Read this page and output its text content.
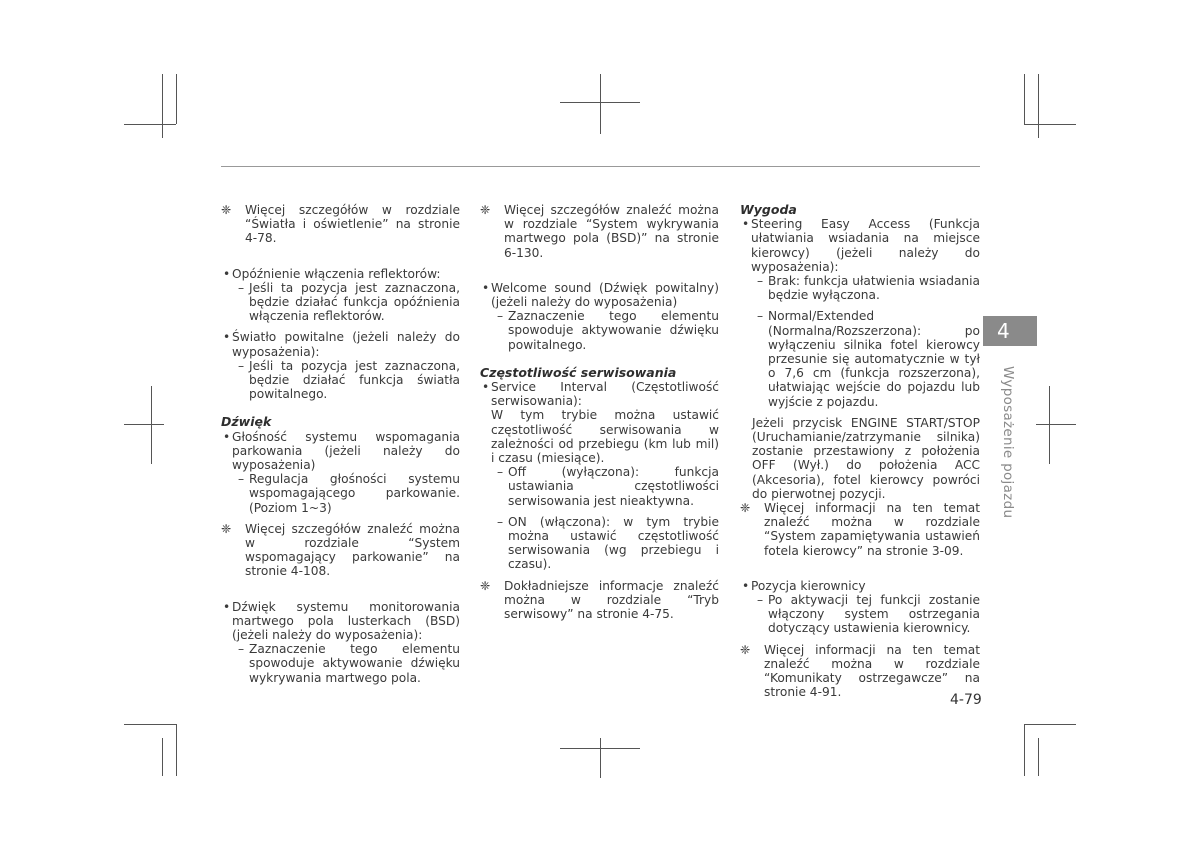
❈ Więcej szczegółów w rozdziale “Światła i oświetlenie” na stronie 4-78.

• Opóźnienie włączenia reflektorów:

– Jeśli ta pozycja jest zaznaczona, będzie działać funkcja opóźnienia włączenia reflektorów.

• Światło powitalne (jeżeli należy do wyposażenia):

– Jeśli ta pozycja jest zaznaczona, będzie działać funkcja światła powitalnego.

Dźwięk

• Głośność systemu wspomagania parkowania (jeżeli należy do wyposażenia)

– Regulacja głośności systemu wspomagającego parkowanie. (Poziom 1~3)

❈ Więcej szczegółów znaleźć można w rozdziale “System wspomagający parkowanie” na stronie 4-108.

• Dźwięk systemu monitorowania martwego pola lusterkach (BSD) (jeżeli należy do wyposażenia):

– Zaznaczenie tego elementu spowoduje aktywowanie dźwięku wykrywania martwego pola.

❈ Więcej szczegółów znaleźć można w rozdziale “System wykrywania martwego pola (BSD)” na stronie 6-130.

• Welcome sound (Dźwięk powitalny) (jeżeli należy do wyposażenia)

– Zaznaczenie tego elementu spowoduje aktywowanie dźwięku powitalnego.

Częstotliwość serwisowania

• Service Interval (Częstotliwość serwisowania):

W tym trybie można ustawić częstotliwość serwisowania w zależności od przebiegu (km lub mil) i czasu (miesiące).

– Off (wyłączona): funkcja ustawiania częstotliwości serwisowania jest nieaktywna.

– ON (włączona): w tym trybie można ustawić częstotliwość serwisowania (wg przebiegu i czasu).

❈ Dokładniejsze informacje znaleźć można w rozdziale “Tryb serwisowy” na stronie 4-75.

Wygoda

• Steering Easy Access (Funkcja ułatwiania wsiadania na miejsce kierowcy) (jeżeli należy do wyposażenia):

– Brak: funkcja ułatwienia wsiadania będzie wyłączona.

– Normal/Extended (Normalna/Rozszerzona): po wyłączeniu silnika fotel kierowcy przesunie się automatycznie w tył o 7,6 cm (funkcja rozszerzona), ułatwiając wejście do pojazdu lub wyjście z pojazdu.

Jeżeli przycisk ENGINE START/STOP (Uruchamianie/zatrzymanie silnika) zostanie przestawiony z położenia OFF (Wył.) do położenia ACC (Akcesoria), fotel kierowcy powróci do pierwotnej pozycji.

❈ Więcej informacji na ten temat znaleźć można w rozdziale “System zapamiętywania ustawień fotela kierowcy” na stronie 3-09.

• Pozycja kierownicy

– Po aktywacji tej funkcji zostanie włączony system ostrzegania dotyczący ustawienia kierownicy.

❈ Więcej informacji na ten temat znaleźć można w rozdziale “Komunikaty ostrzegawcze” na stronie 4-91.

4
Wyposażenie pojazdu
4-79
